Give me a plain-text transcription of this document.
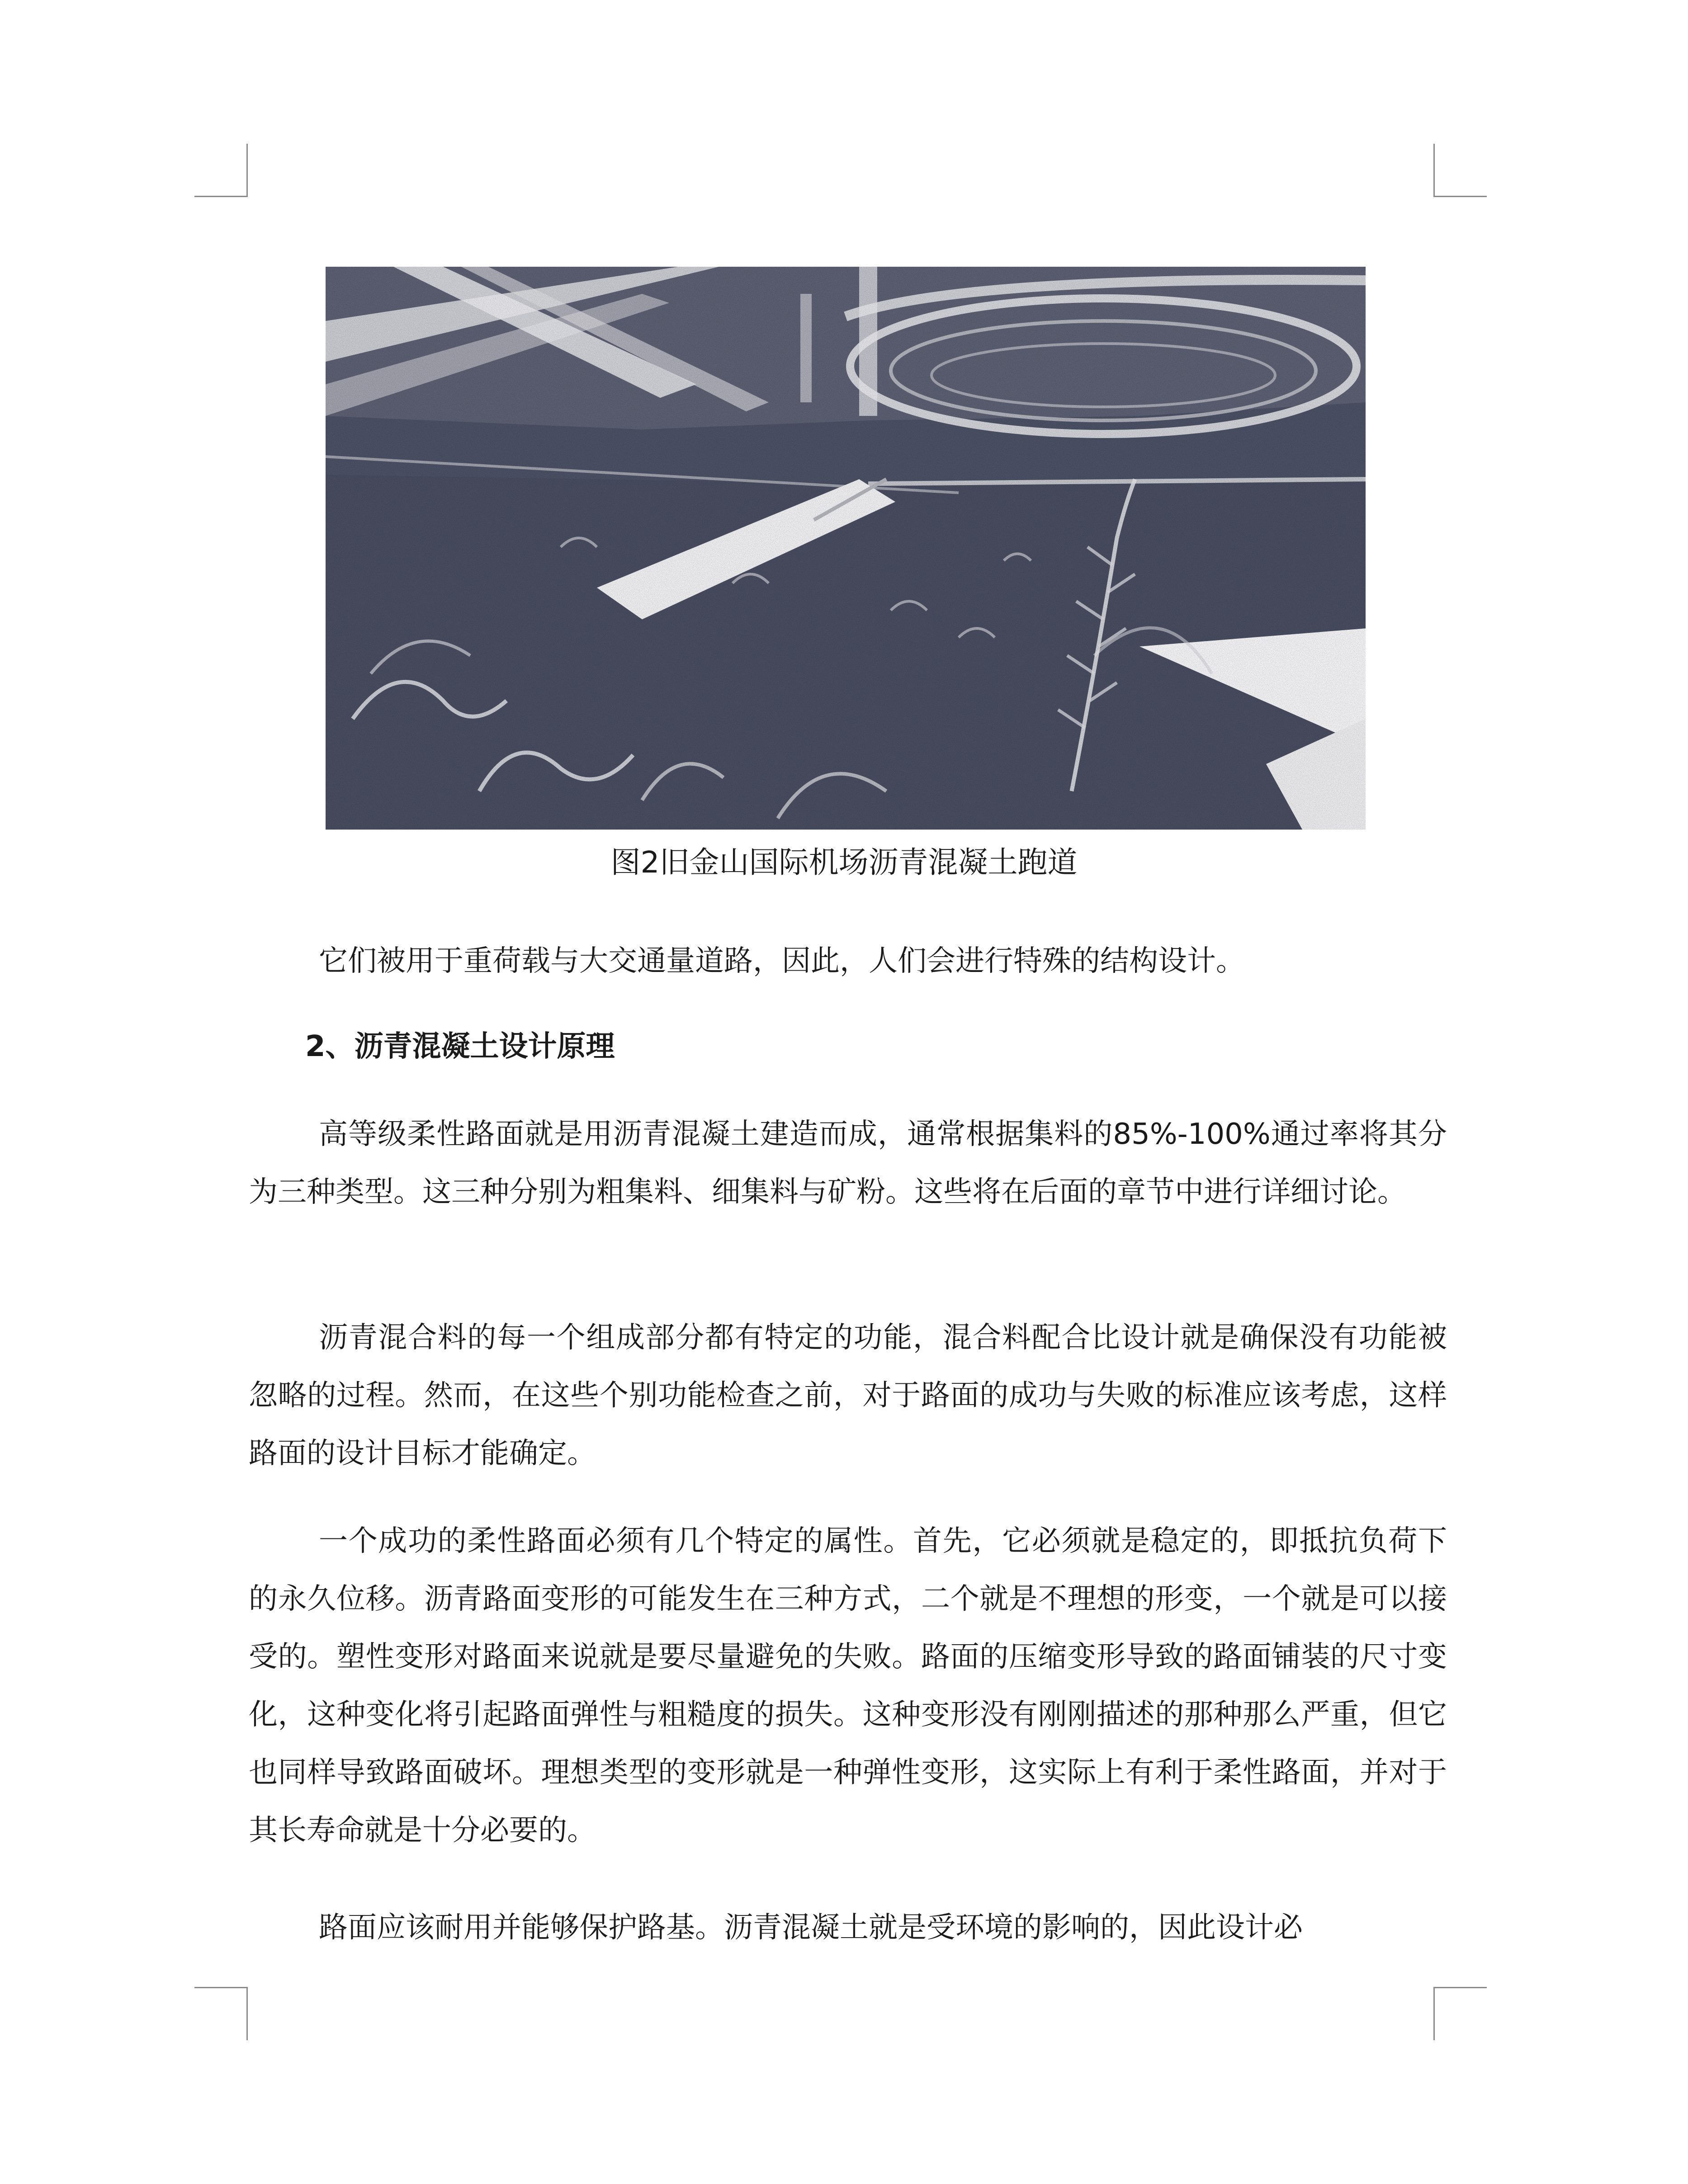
图2旧金山国际机场沥青混凝土跑道

它们被用于重荷载与大交通量道路，因此，人们会进行特殊的结构设计。

2、沥青混凝土设计原理

高等级柔性路面就是用沥青混凝土建造而成，通常根据集料的85%-100%通过率将其分为三种类型。这三种分别为粗集料、细集料与矿粉。这些将在后面的章节中进行详细讨论。

沥青混合料的每一个组成部分都有特定的功能，混合料配合比设计就是确保没有功能被忽略的过程。然而，在这些个别功能检查之前，对于路面的成功与失败的标准应该考虑，这样路面的设计目标才能确定。

一个成功的柔性路面必须有几个特定的属性。首先，它必须就是稳定的，即抵抗负荷下的永久位移。沥青路面变形的可能发生在三种方式，二个就是不理想的形变，一个就是可以接受的。塑性变形对路面来说就是要尽量避免的失败。路面的压缩变形导致的路面铺装的尺寸变化，这种变化将引起路面弹性与粗糙度的损失。这种变形没有刚刚描述的那种那么严重，但它也同样导致路面破坏。理想类型的变形就是一种弹性变形，这实际上有利于柔性路面，并对于其长寿命就是十分必要的。

路面应该耐用并能够保护路基。沥青混凝土就是受环境的影响的，因此设计必
